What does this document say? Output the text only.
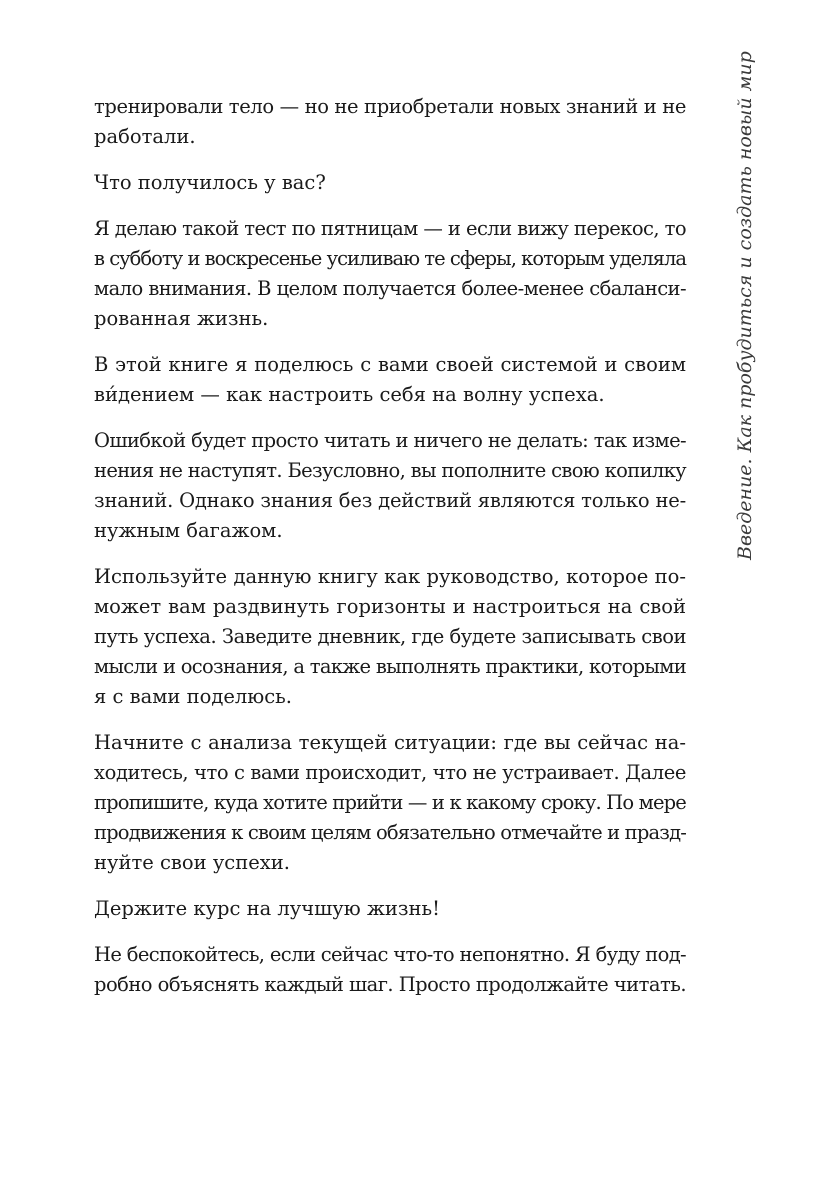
тренировали тело — но не приобретали новых знаний и не
работали.

Что получилось у вас?

Я делаю такой тест по пятницам — и если вижу перекос, то
в субботу и воскресенье усиливаю те сферы, которым уделяла
мало внимания. В целом получается более-менее сбаланси-
рованная жизнь.

В этой книге я поделюсь с вами своей системой и своим
ви́дением — как настроить себя на волну успеха.

Ошибкой будет просто читать и ничего не делать: так измe-
нения не наступят. Безусловно, вы пополните свою копилку
знаний. Однако знания без действий являются только не-
нужным багажом.

Используйте данную книгу как руководство, которое по-
может вам раздвинуть горизонты и настроиться на свой
путь успеха. Заведите дневник, где будете записывать свои
мысли и осознания, а также выполнять практики, которыми
я с вами поделюсь.

Начните с анализа текущей ситуации: где вы сейчас на-
ходитесь, что с вами происходит, что не устраивает. Далее
пропишите, куда хотите прийти — и к какому сроку. По мере
продвижения к своим целям обязательно отмечайте и празд-
нуйте свои успехи.

Держите курс на лучшую жизнь!

Не беспокойтесь, если сейчас что-то непонятно. Я буду под-
робно объяснять каждый шаг. Просто продолжайте читать.

Введение. Как пробудиться и создать новый мир
